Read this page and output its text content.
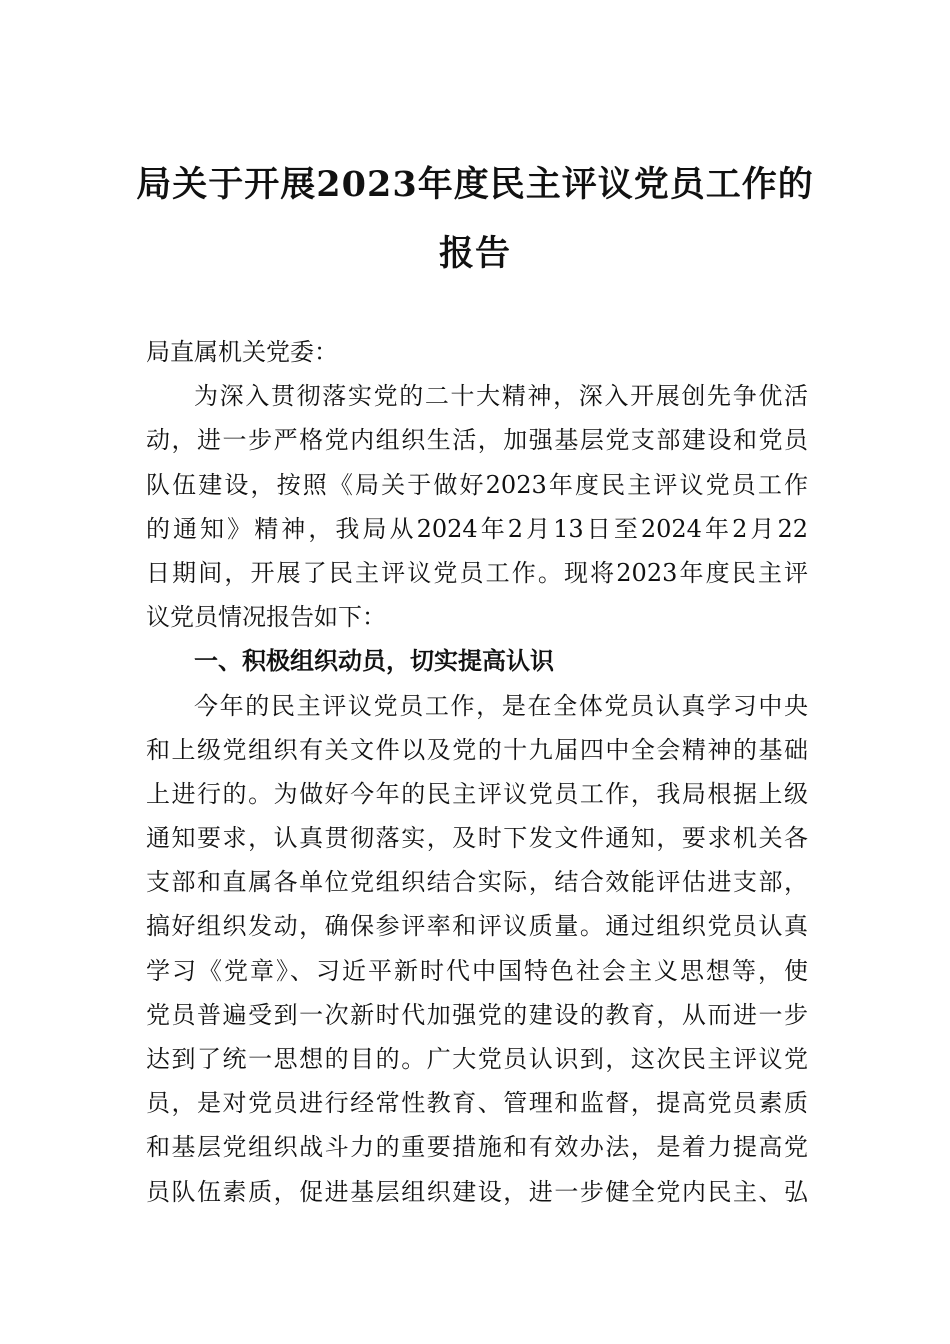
局关于开展2023年度民主评议党员工作的
报告
局直属机关党委：
为深入贯彻落实党的二十大精神，深入开展创先争优活
动，进一步严格党内组织生活，加强基层党支部建设和党员
队伍建设，按照《局关于做好2023年度民主评议党员工作
的通知》精神，我局从2024年2月13日至2024年2月22
日期间，开展了民主评议党员工作。现将2023年度民主评
议党员情况报告如下：
一、积极组织动员，切实提高认识
今年的民主评议党员工作，是在全体党员认真学习中央
和上级党组织有关文件以及党的十九届四中全会精神的基础
上进行的。为做好今年的民主评议党员工作，我局根据上级
通知要求，认真贯彻落实，及时下发文件通知，要求机关各
支部和直属各单位党组织结合实际，结合效能评估进支部，
搞好组织发动，确保参评率和评议质量。通过组织党员认真
学习《党章》、习近平新时代中国特色社会主义思想等，使
党员普遍受到一次新时代加强党的建设的教育，从而进一步
达到了统一思想的目的。广大党员认识到，这次民主评议党
员，是对党员进行经常性教育、管理和监督，提高党员素质
和基层党组织战斗力的重要措施和有效办法，是着力提高党
员队伍素质，促进基层组织建设，进一步健全党内民主、弘
